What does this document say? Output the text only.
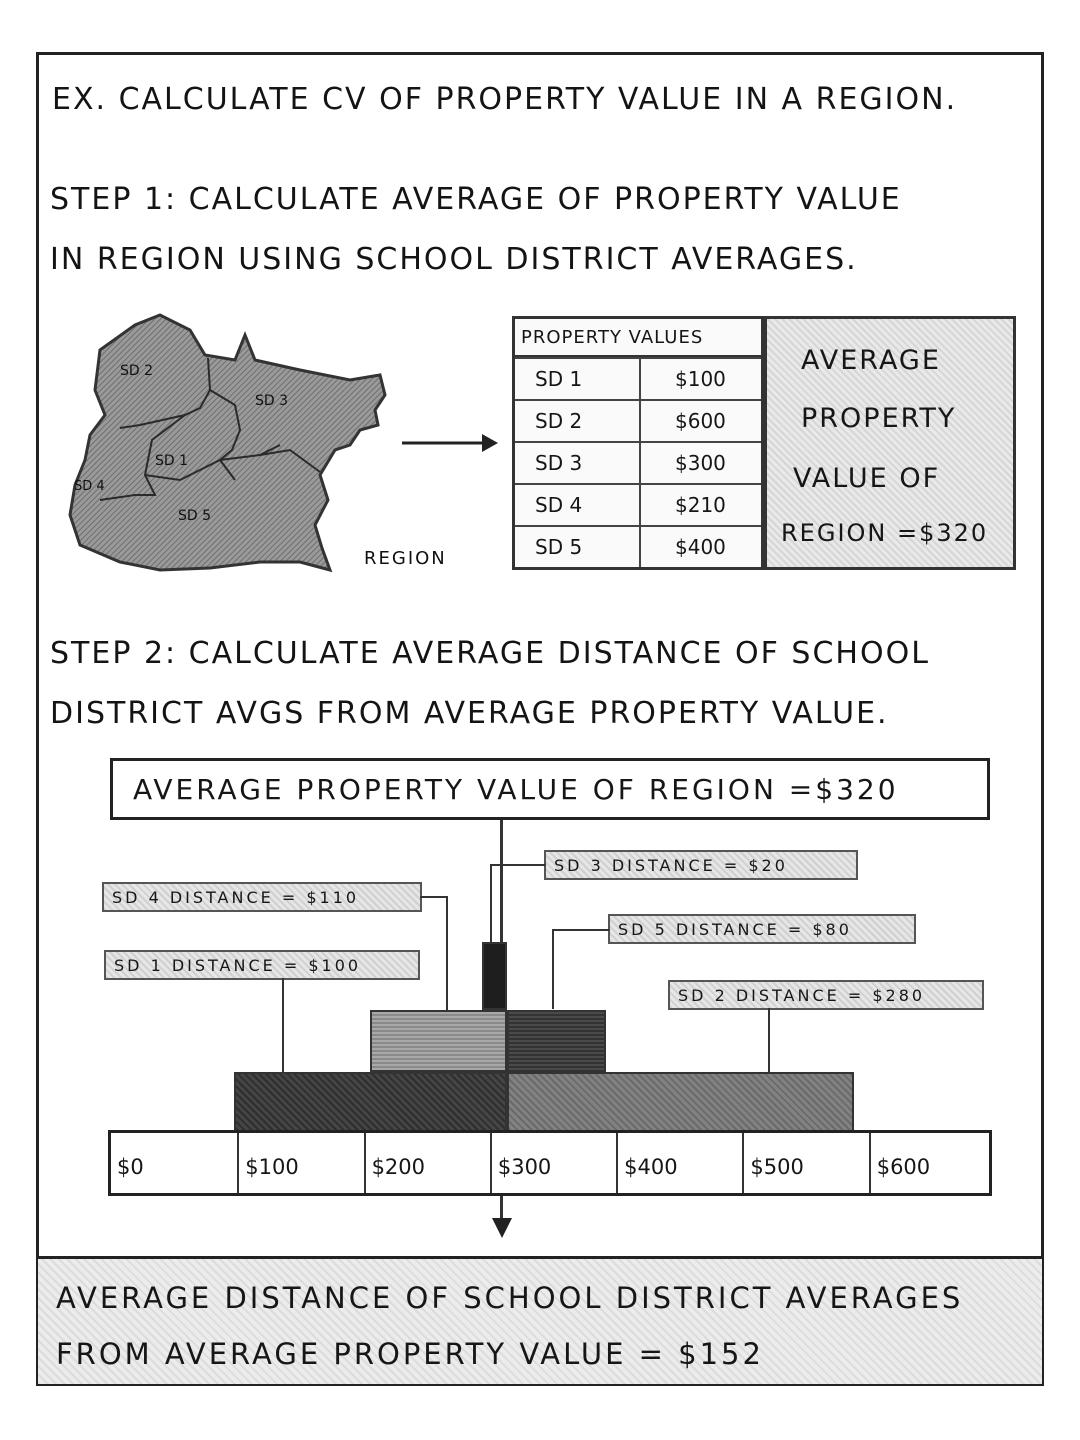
EX. CALCULATE CV OF PROPERTY VALUE IN A REGION.
STEP 1: CALCULATE AVERAGE OF PROPERTY VALUE
IN REGION USING SCHOOL DISTRICT AVERAGES.
SD 2
SD 3
SD 1
SD 4
SD 5
REGION
PROPERTY VALUES
SD 1	$100
SD 2	$600
SD 3	$300
SD 4	$210
SD 5	$400
AVERAGE
PROPERTY
VALUE OF
REGION =$320
STEP 2: CALCULATE AVERAGE DISTANCE OF SCHOOL
DISTRICT AVGS FROM AVERAGE PROPERTY VALUE.
AVERAGE PROPERTY VALUE OF REGION =$320
SD 3 DISTANCE = $20
SD 4 DISTANCE = $110
SD 5 DISTANCE = $80
SD 1 DISTANCE = $100
SD 2 DISTANCE = $280
$0	$100	$200	$300	$400	$500	$600
AVERAGE DISTANCE OF SCHOOL DISTRICT AVERAGES
FROM AVERAGE PROPERTY VALUE = $152
